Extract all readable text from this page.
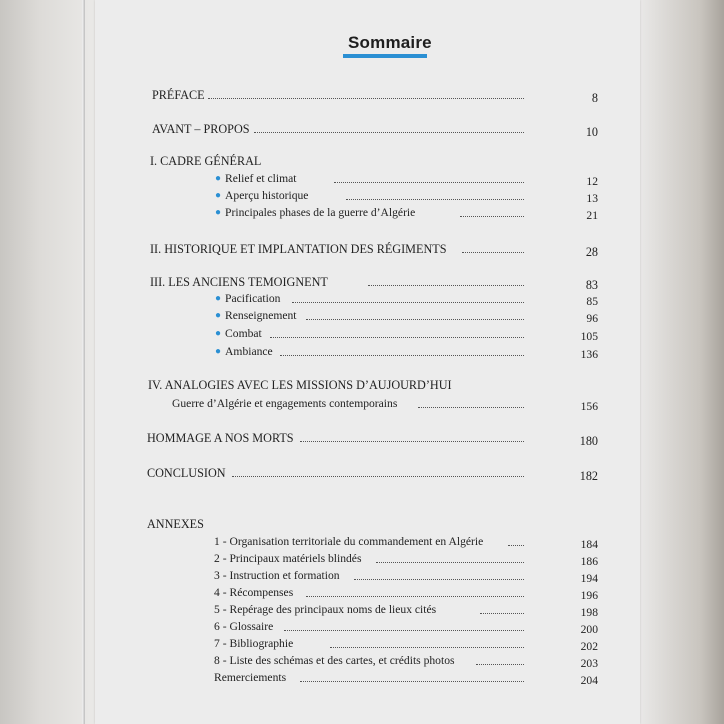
Sommaire
PRÉFACE	8
AVANT – PROPOS	10
I. CADRE GÉNÉRAL
● Relief et climat	12
● Aperçu historique	13
● Principales phases de la guerre d’Algérie	21
II. HISTORIQUE ET IMPLANTATION DES RÉGIMENTS	28
III. LES ANCIENS TEMOIGNENT	83
● Pacification	85
● Renseignement	96
● Combat	105
● Ambiance	136
IV. ANALOGIES AVEC LES MISSIONS D’AUJOURD’HUI
Guerre d’Algérie et engagements contemporains	156
HOMMAGE A NOS MORTS	180
CONCLUSION	182
ANNEXES
1 - Organisation territoriale du commandement en Algérie	184
2 - Principaux matériels blindés	186
3 - Instruction et formation	194
4 - Récompenses	196
5 - Repérage des principaux noms de lieux cités	198
6 - Glossaire	200
7 - Bibliographie	202
8 - Liste des schémas et des cartes, et crédits photos	203
Remerciements	204
